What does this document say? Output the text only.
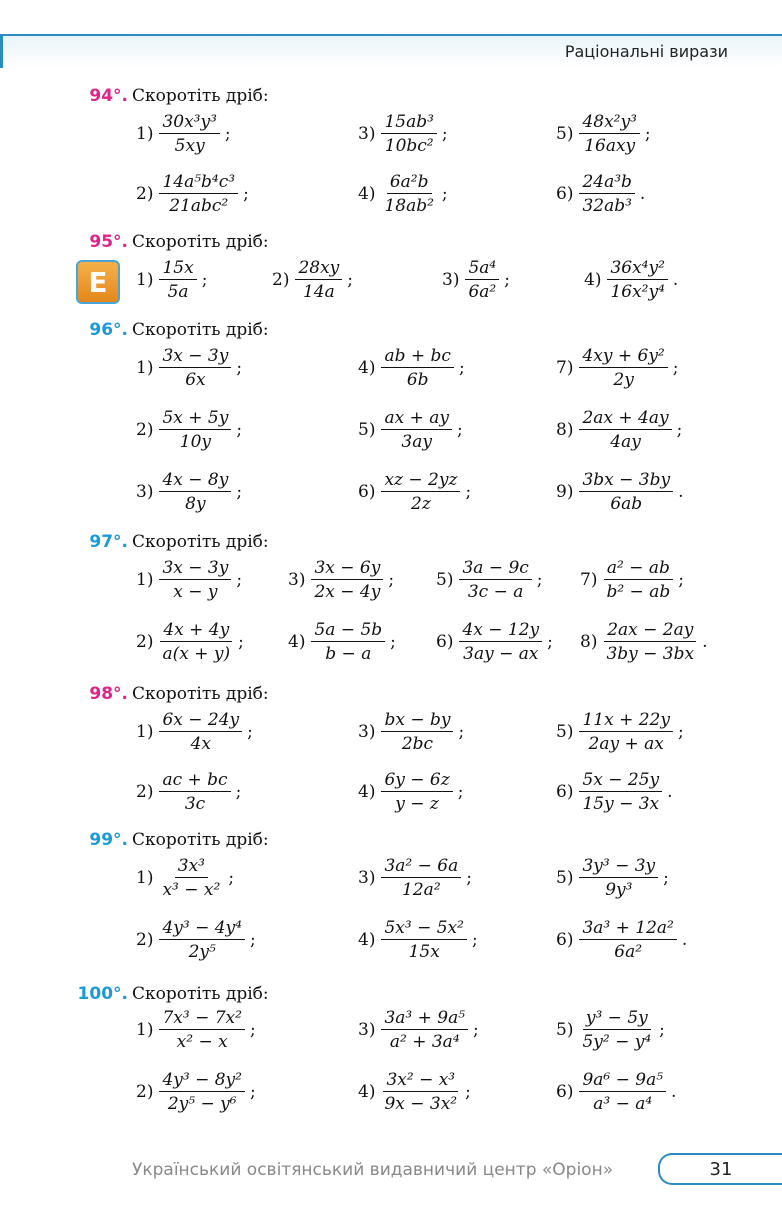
Раціональні вирази
E
94°. Скоротіть дріб:
$1) \frac{\text{30x³y³}}{5xy}$ ;	$3) \frac{\text{15ab³}}{\text{10bc²}}$ ;	$5) \frac{\text{48x²y³}}{\text{16axy}}$ ;
$2) \frac{\text{14a⁵b⁴c³}}{\text{21abc²}}$ ;	$4) \frac{\text{6a²b}}{\text{18ab²}}$ ;	$6) \frac{\text{24a³b}}{\text{32ab³}}$ .
95°. Скоротіть дріб:
$1) \frac{15x}{5a}$ ;	$2) \frac{28xy}{14a}$ ;	$3) \frac{\text{5a⁴}}{\text{6a²}}$ ;	$4) \frac{\text{36x⁴y²}}{\text{16x²y⁴}}$ .
96°. Скоротіть дріб:
$1) \frac{3x - 3y}{6x}$ ;	$4) \frac{ab + bc}{6b}$ ;	$7) \frac{\text{4xy + 6y²}}{2y}$ ;
$2) \frac{5x + 5y}{10y}$ ;	$5) \frac{ax + ay}{3ay}$ ;	$8) \frac{2ax + 4ay}{4ay}$ ;
$3) \frac{4x - 8y}{8y}$ ;	$6) \frac{xz - 2yz}{2z}$ ;	$9) \frac{3bx - 3by}{6ab}$ .
97°. Скоротіть дріб:
$1) \frac{3x - 3y}{x - y}$ ;	$3) \frac{3x - 6y}{2x - 4y}$ ; $5) \frac{3a - 9c}{3c - a}$ ; $7) \frac{\text{a² − ab}}{\text{b² − ab}}$ ;
$2) \frac{4x + 4y}{a(x + y)}$ ;	$4) \frac{5a - 5b}{b - a}$ ; $6) \frac{4x - 12y}{3ay - ax}$ ; $8) \frac{2ax - 2ay}{3by - 3bx}$ .
98°. Скоротіть дріб:
$1) \frac{6x - 24y}{4x}$ ;	$3) \frac{bx - by}{2bc}$ ;	$5) \frac{11x + 22y}{2ay + ax}$ ;
$2) \frac{ac + bc}{3c}$ ;	$4) \frac{6y - 6z}{y - z}$ ;	$6) \frac{5x - 25y}{15y - 3x}$ .
99°. Скоротіть дріб:
$1) \frac{\text{3x³}}{\text{x³ − x²}}$ ;	$3) \frac{\text{3a² − 6a}}{\text{12a²}}$ ;	$5) \frac{\text{3y³ − 3y}}{\text{9y³}}$ ;
$2) \frac{\text{4y³ − 4y⁴}}{\text{2y⁵}}$ ;	$4) \frac{\text{5x³ − 5x²}}{15x}$ ;	$6) \frac{\text{3a³ + 12a²}}{\text{6a²}}$ .
100°. Скоротіть дріб:
$1) \frac{\text{7x³ − 7x²}}{\text{x² − x}}$ ;	$3) \frac{\text{3a³ + 9a⁵}}{\text{a² + 3a⁴}}$ ;	$5) \frac{\text{y³ − 5y}}{\text{5y² − y⁴}}$ ;
$2) \frac{\text{4y³ − 8y²}}{\text{2y⁵ − y⁶}}$ ;	$4) \frac{\text{3x² − x³}}{\text{9x − 3x²}}$ ;	$6) \frac{\text{9a⁶ − 9a⁵}}{\text{a³ − a⁴}}$ .
Український освітянський видавничий центр «Оріон»	31
